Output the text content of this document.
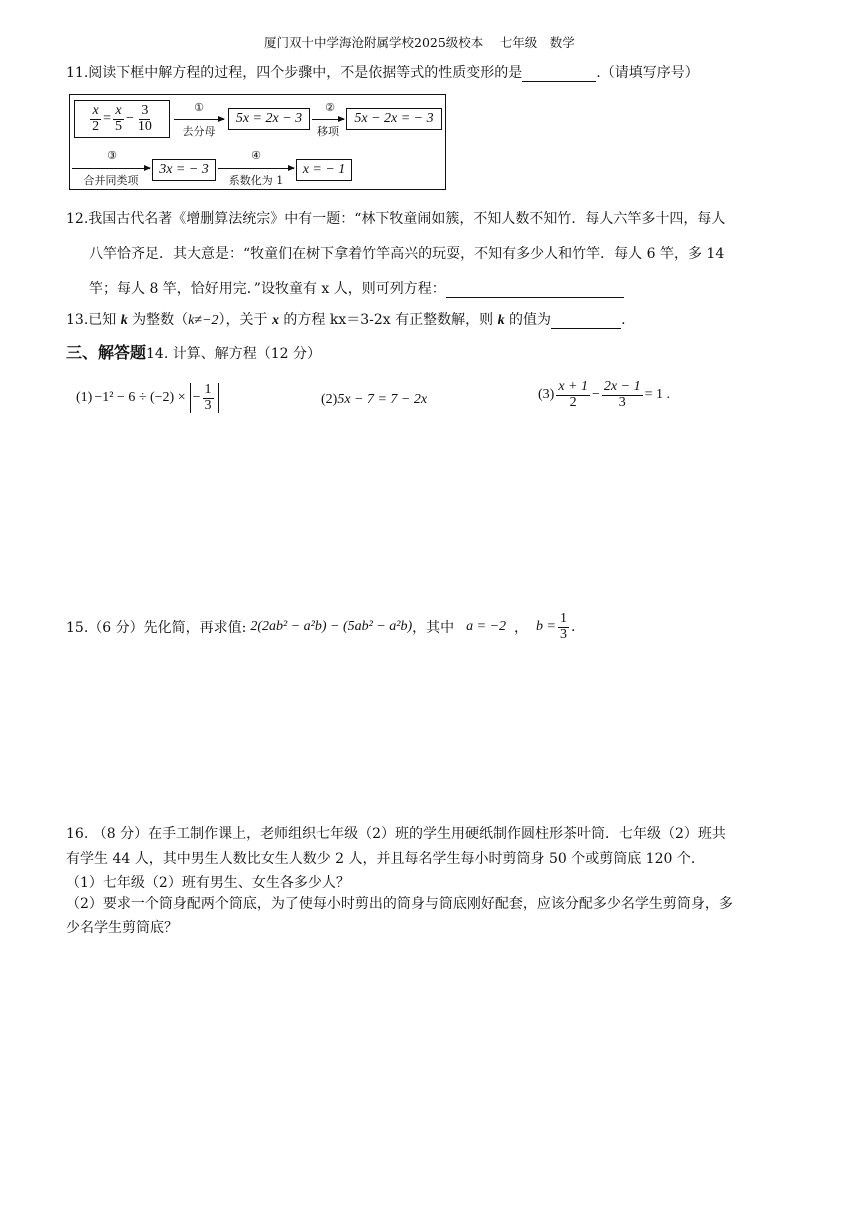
厦门双十中学海沧附属学校2025级校本　 七年级　数学
11.阅读下框中解方程的过程，四个步骤中，不是依据等式的性质变形的是	.（请填写序号）
$\frac{x}{2} = \frac{x}{5} - \frac{3}{10}$	①
去分母
5x = 2x − 3
②
移项
5x − 2x = − 3
③
合并同类项
3x = − 3
④
系数化为 1
x = − 1
12.我国古代名著《增删算法统宗》中有一题：“林下牧童闹如簇，不知人数不知竹．每人六竿多十四，每人
八竿恰齐足．其大意是：“牧童们在树下拿着竹竿高兴的玩耍，不知有多少人和竹竿．每人 6 竿，多 14
竿；每人 8 竿，恰好用完．”设牧童有 x 人，则可列方程：
13.已知 k 为整数（k≠−2），关于 x 的方程 kx＝3-2x 有正整数解，则 k 的值为	.
三、解答题14. 计算、解方程（12 分）
(1) −1² − 6 ÷ (−2) × − $\frac{1}{3}$	(2)5x − 7 = 7 − 2x	$(3) \frac{x + 1}{2} - \frac{2x - 1}{3} = 1$ .
15.（6 分）先化简，再求值: 2(2ab² − a²b) − (5ab² − a²b) ，其中 a = −2 ， $b = \frac{1}{3}$ .
16. （8 分）在手工制作课上，老师组织七年级（2）班的学生用硬纸制作圆柱形茶叶筒．七年级（2）班共
有学生 44 人，其中男生人数比女生人数少 2 人，并且每名学生每小时剪筒身 50 个或剪筒底 120 个．
（1）七年级（2）班有男生、女生各多少人？
（2）要求一个筒身配两个筒底，为了使每小时剪出的筒身与筒底刚好配套，应该分配多少名学生剪筒身，多
少名学生剪筒底？
